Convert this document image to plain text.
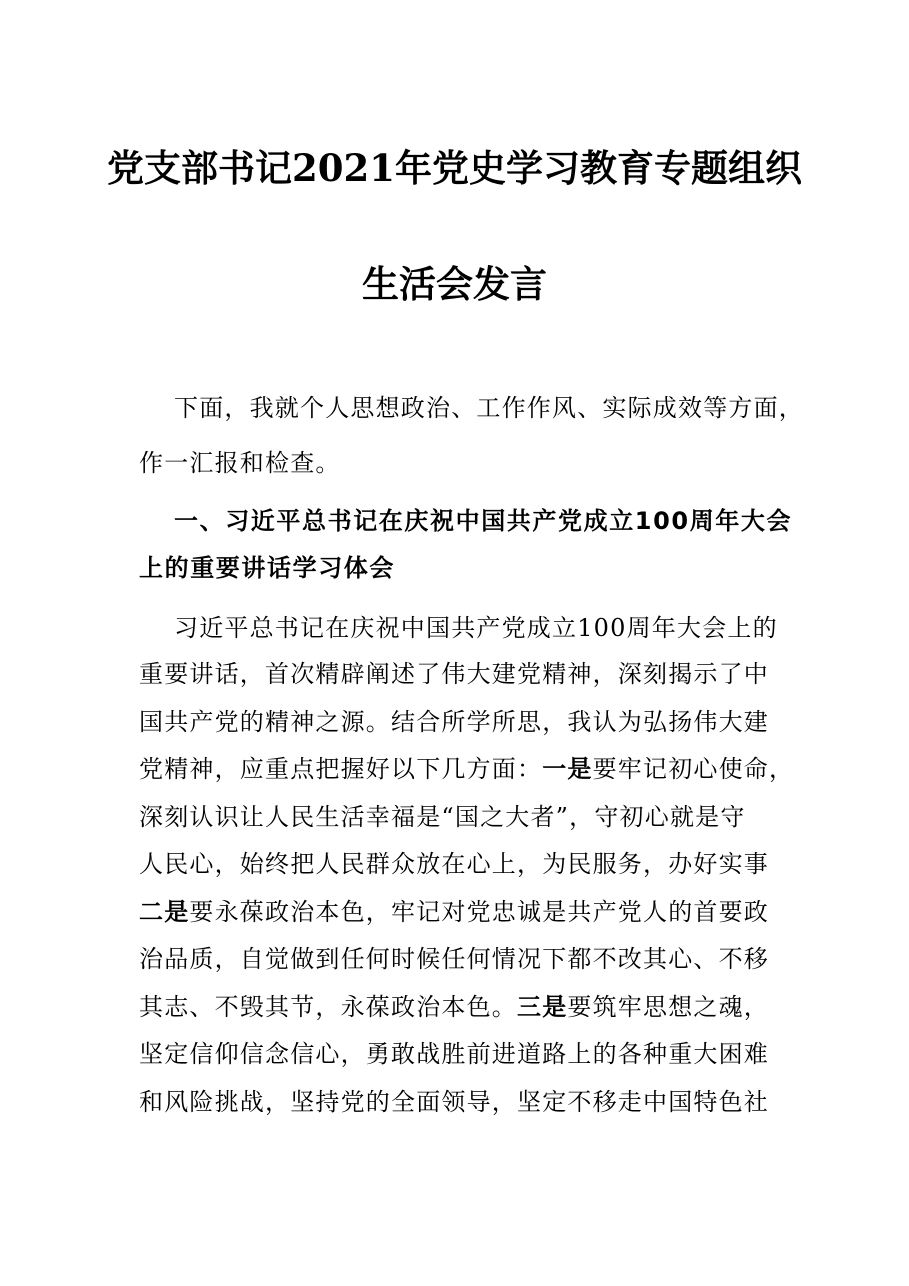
党支部书记2021年党史学习教育专题组织
生活会发言
下面，我就个人思想政治、工作作风、实际成效等方面，
作一汇报和检查。
一、习近平总书记在庆祝中国共产党成立100周年大会
上的重要讲话学习体会
习近平总书记在庆祝中国共产党成立100周年大会上的
重要讲话，首次精辟阐述了伟大建党精神，深刻揭示了中
国共产党的精神之源。结合所学所思，我认为弘扬伟大建
党精神，应重点把握好以下几方面：一是要牢记初心使命，
深刻认识让人民生活幸福是“国之大者”，守初心就是守
人民心，始终把人民群众放在心上，为民服务，办好实事
二是要永葆政治本色，牢记对党忠诚是共产党人的首要政
治品质，自觉做到任何时候任何情况下都不改其心、不移
其志、不毁其节，永葆政治本色。三是要筑牢思想之魂，
坚定信仰信念信心，勇敢战胜前进道路上的各种重大困难
和风险挑战，坚持党的全面领导，坚定不移走中国特色社
